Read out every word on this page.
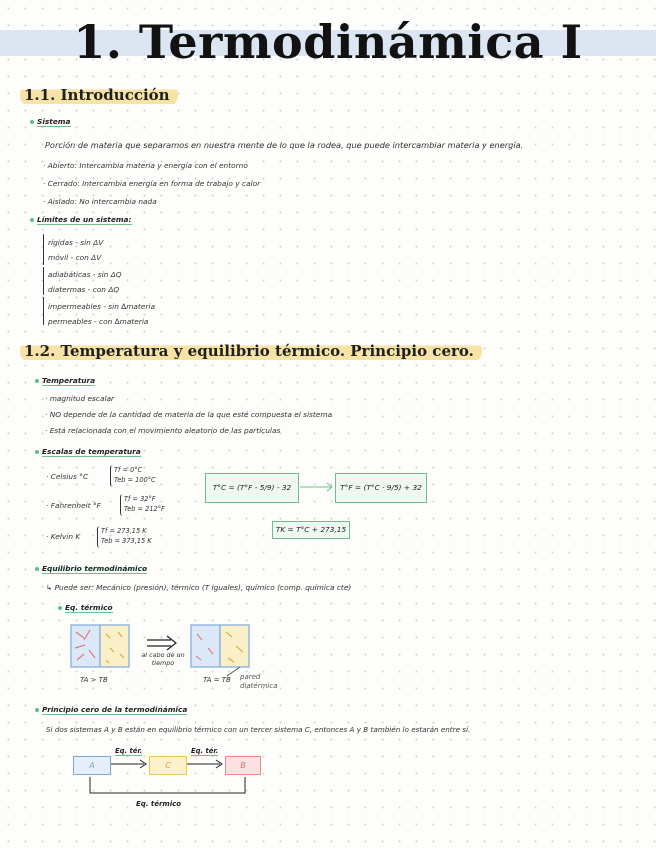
1. Termodinámica I
1.1. Introducción
Sistema
Porción de materia que separamos en nuestra mente de lo que la rodea, que puede intercambiar materia y energía.
· Abierto: Intercambia materia y energía con el entorno
· Cerrado: Intercambia energía en forma de trabajo y calor
· Aislado: No intercambia nada
Límites de un sistema:
rígidas - sin ΔV
móvil - con ΔV
adiabáticas - sin ΔQ
diatermas - con ΔQ
impermeables - sin ∆materia
permeables - con ∆materia
1.2. Temperatura y equilibrio térmico. Principio cero.
Temperatura
· magnitud escalar
· NO depende de la cantidad de materia de la que esté compuesta el sistema
· Está relacionada con el movimiento aleatorio de las partículas
Escalas de temperatura
· Celsius °C
Tf = 0°C
Teb = 100°C
· Fahrenheit °F
Tf = 32°F
Teb = 212°F
· Kelvin K
Tf = 273,15 K
Teb = 373,15 K
T°C = (T°F - 5/9) - 32	T°F = (T°C · 9/5) + 32
TK = T°C + 273,15
Equilibrio termodinámico
↳ Puede ser: Mecánico (presión), térmico (T iguales), químico (comp. química cte)
Eq. térmico
al cabo de un tiempo
TA > TB	TA = TB pared diatérmica
Principio cero de la termodinámica
Si dos sistemas A y B están en equilibrio térmico con un tercer sistema C, entonces A y B también lo estarán entre sí.
A
Eq. tér.
C
Eq. tér.
B
Eq. térmico
